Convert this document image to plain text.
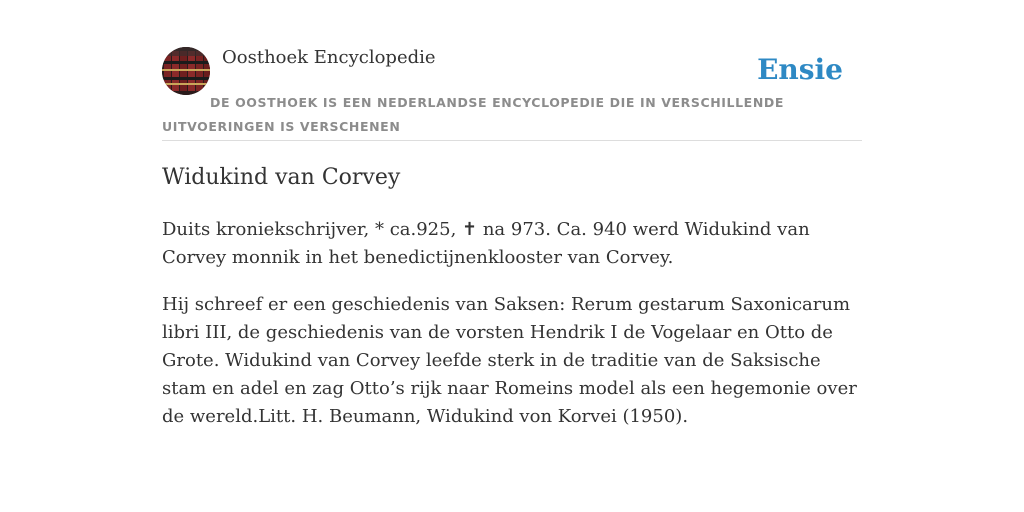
Oosthoek Encyclopedie	Ensie
DE OOSTHOEK IS EEN NEDERLANDSE ENCYCLOPEDIE DIE IN VERSCHILLENDE UITVOERINGEN IS VERSCHENEN
Widukind van Corvey

Duits kroniekschrijver, * ca.925, ✝ na 973. Ca. 940 werd Widukind van Corvey monnik in het benedictijnenklooster van Corvey.

Hij schreef er een geschiedenis van Saksen: Rerum gestarum Saxonicarum libri III, de geschiedenis van de vorsten Hendrik I de Vogelaar en Otto de Grote. Widukind van Corvey leefde sterk in de traditie van de Saksische stam en adel en zag Otto’s rijk naar Romeins model als een hegemonie over de wereld.Litt. H. Beumann, Widukind von Korvei (1950).
